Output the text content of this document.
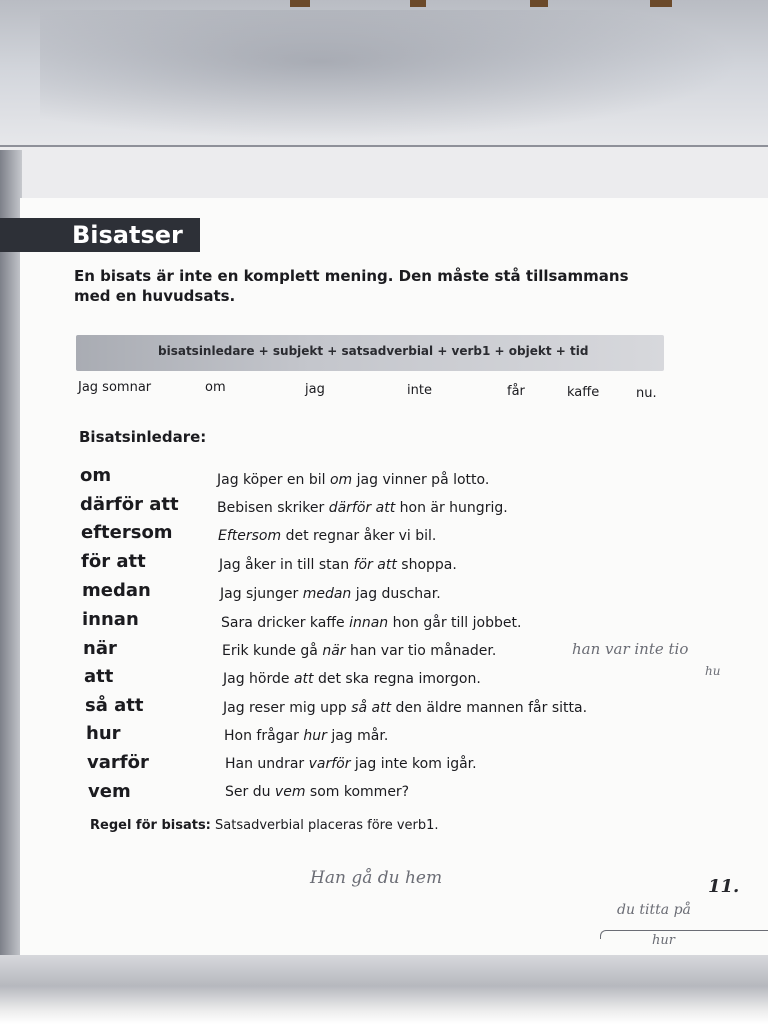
Bisatser

En bisats är inte en komplett mening. Den måste stå tillsammans med en huvudsats.

bisatsinledare + subjekt + satsadverbial + verb1 + objekt + tid
Jag somnar	om	jag	inte	får	kaffe	nu.
Bisatsinledare:
om	Jag köper en bil om jag vinner på lotto.
därför att	Bebisen skriker därför att hon är hungrig.
eftersom	Eftersom det regnar åker vi bil.
för att	Jag åker in till stan för att shoppa.
medan	Jag sjunger medan jag duschar.
innan	Sara dricker kaffe innan hon går till jobbet.
när	Erik kunde gå när han var tio månader.
att	Jag hörde att det ska regna imorgon.
så att	Jag reser mig upp så att den äldre mannen får sitta.
hur	Hon frågar hur jag mår.
varför	Han undrar varför jag inte kom igår.
vem	Ser du vem som kommer?
Regel för bisats: Satsadverbial placeras före verb1.
han var inte tio
hu
Han gå du hem	11.
du titta på
hur
